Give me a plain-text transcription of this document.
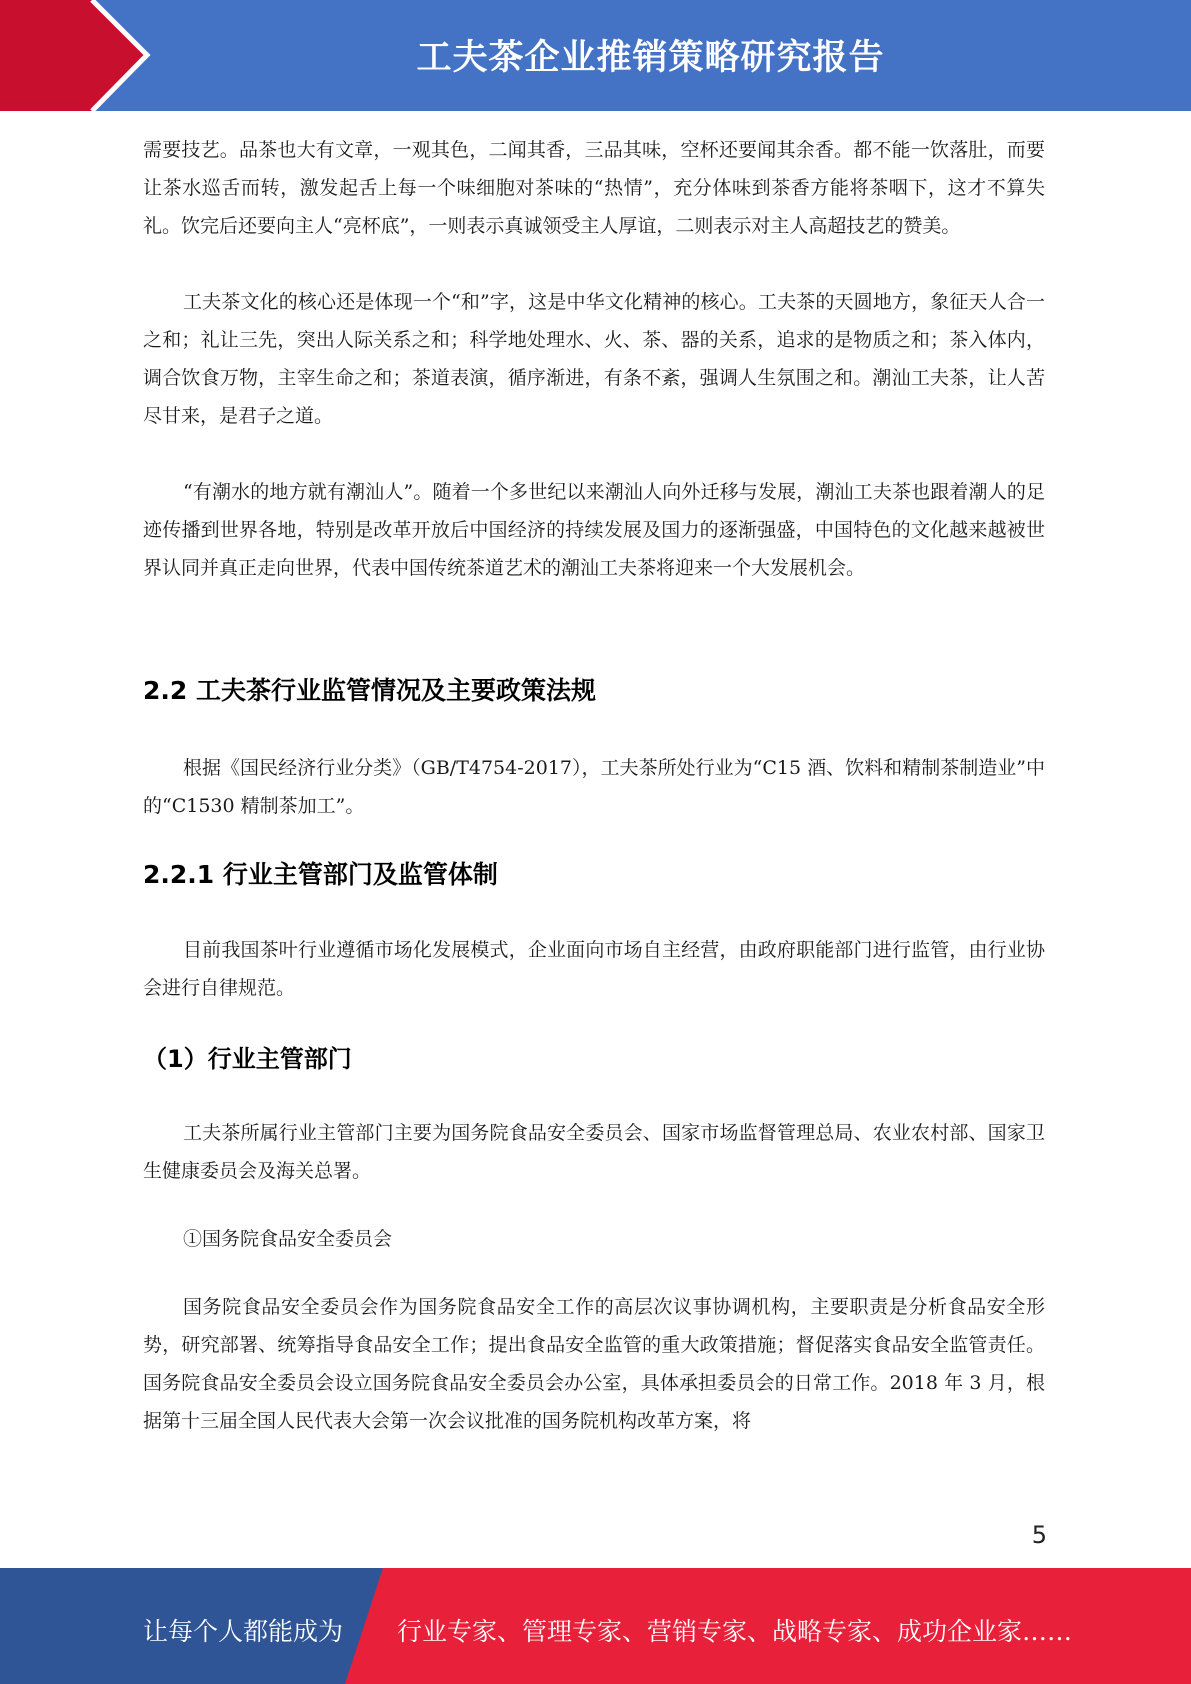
工夫茶企业推销策略研究报告

需要技艺。品茶也大有文章，一观其色，二闻其香，三品其味，空杯还要闻其余香。都不能一饮落肚，而要让茶水巡舌而转，激发起舌上每一个味细胞对茶味的“热情”，充分体味到茶香方能将茶咽下，这才不算失礼。饮完后还要向主人“亮杯底”，一则表示真诚领受主人厚谊，二则表示对主人高超技艺的赞美。

工夫茶文化的核心还是体现一个“和”字，这是中华文化精神的核心。工夫茶的天圆地方，象征天人合一之和；礼让三先，突出人际关系之和；科学地处理水、火、茶、器的关系，追求的是物质之和；茶入体内，调合饮食万物，主宰生命之和；茶道表演，循序渐进，有条不紊，强调人生氛围之和。潮汕工夫茶，让人苦尽甘来，是君子之道。

“有潮水的地方就有潮汕人”。随着一个多世纪以来潮汕人向外迁移与发展，潮汕工夫茶也跟着潮人的足迹传播到世界各地，特别是改革开放后中国经济的持续发展及国力的逐渐强盛，中国特色的文化越来越被世界认同并真正走向世界，代表中国传统茶道艺术的潮汕工夫茶将迎来一个大发展机会。

2.2 工夫茶行业监管情况及主要政策法规

根据《国民经济行业分类》（GB/T4754-2017），工夫茶所处行业为“C15 酒、饮料和精制茶制造业”中的“C1530 精制茶加工”。

2.2.1 行业主管部门及监管体制

目前我国茶叶行业遵循市场化发展模式，企业面向市场自主经营，由政府职能部门进行监管，由行业协会进行自律规范。

（1）行业主管部门

工夫茶所属行业主管部门主要为国务院食品安全委员会、国家市场监督管理总局、农业农村部、国家卫生健康委员会及海关总署。

①国务院食品安全委员会

国务院食品安全委员会作为国务院食品安全工作的高层次议事协调机构，主要职责是分析食品安全形势，研究部署、统筹指导食品安全工作；提出食品安全监管的重大政策措施；督促落实食品安全监管责任。国务院食品安全委员会设立国务院食品安全委员会办公室，具体承担委员会的日常工作。2018 年 3 月，根据第十三届全国人民代表大会第一次会议批准的国务院机构改革方案，将

5
让每个人都能成为 行业专家、管理专家、营销专家、战略专家、成功企业家……
